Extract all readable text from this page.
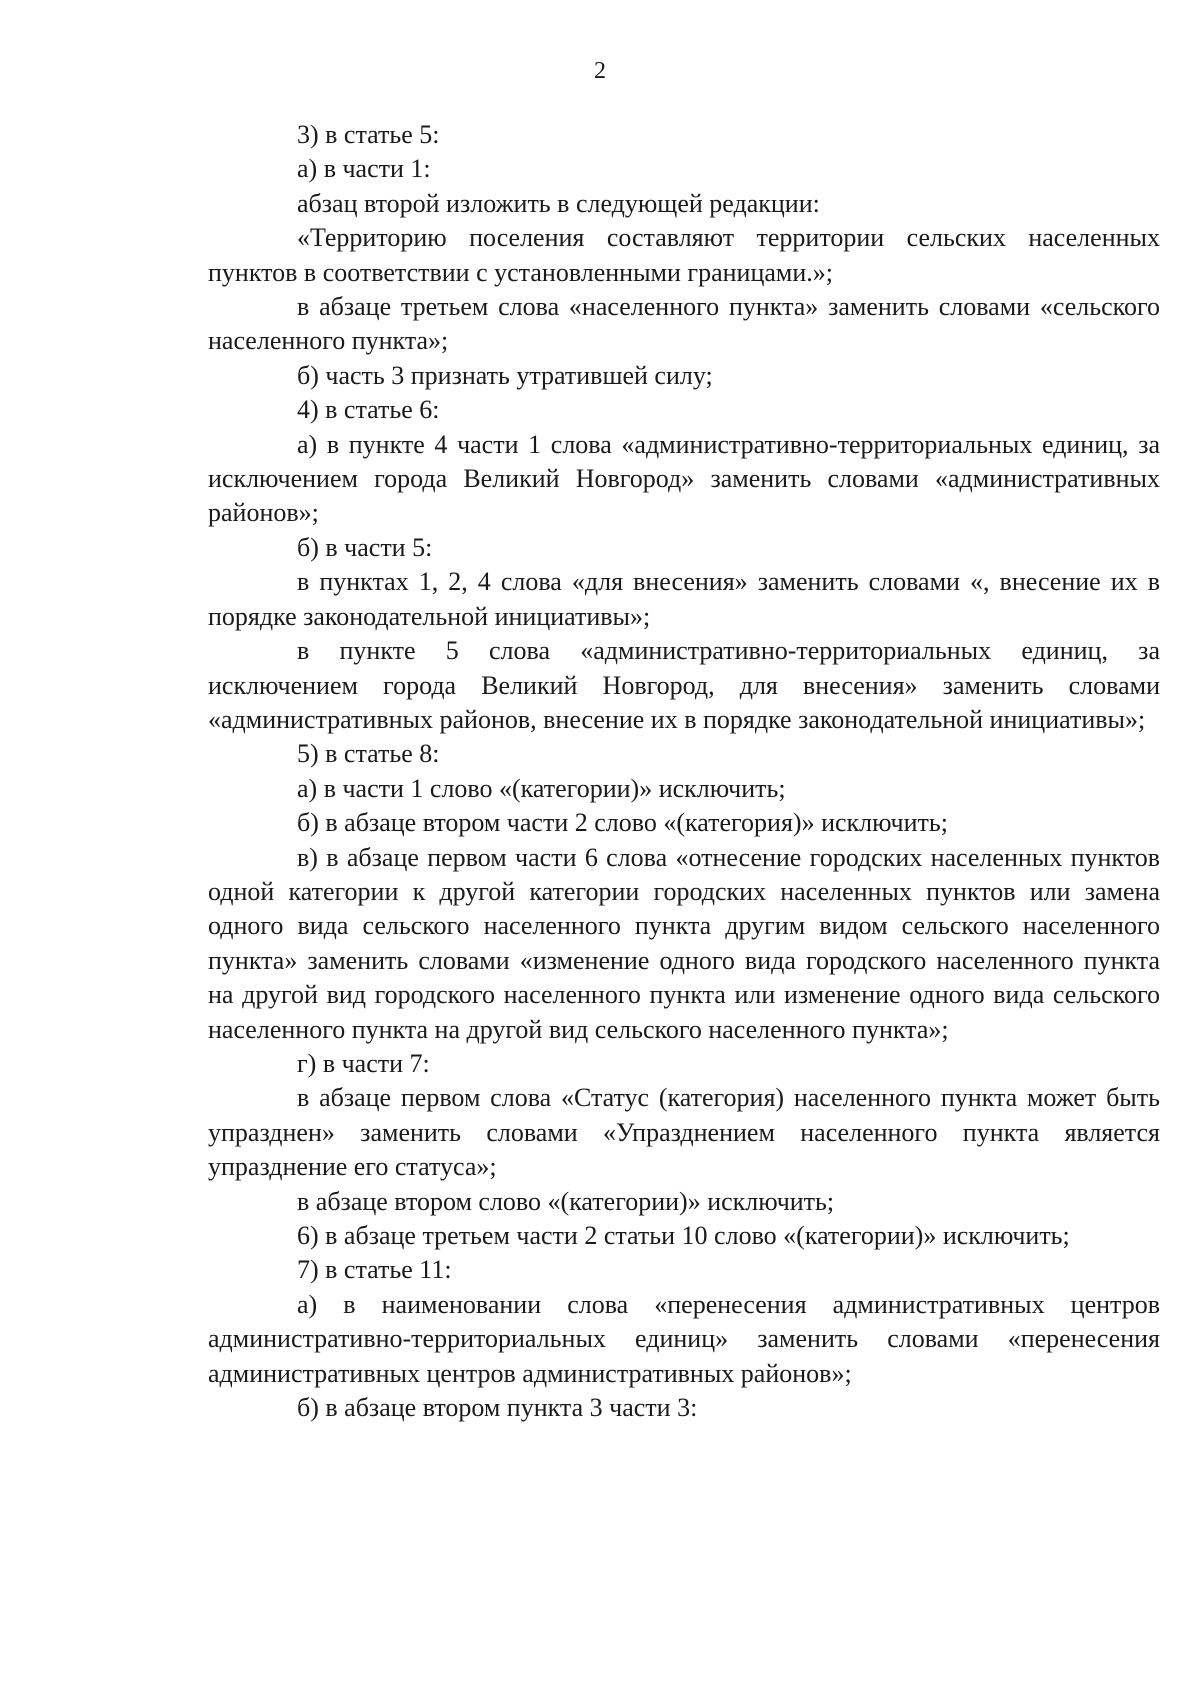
2

3) в статье 5:

а) в части 1:

абзац второй изложить в следующей редакции:

«Территорию поселения составляют территории сельских населенных пунктов в соответствии с установленными границами.»;

в абзаце третьем слова «населенного пункта» заменить словами «сельского населенного пункта»;

б) часть 3 признать утратившей силу;

4) в статье 6:

а) в пункте 4 части 1 слова «административно-территориальных единиц, за исключением города Великий Новгород» заменить словами «административных районов»;

б) в части 5:

в пунктах 1, 2, 4 слова «для внесения» заменить словами «, внесение их в порядке законодательной инициативы»;

в пункте 5 слова «административно-территориальных единиц, за исключением города Великий Новгород, для внесения» заменить словами «административных районов, внесение их в порядке законодательной инициативы»;

5) в статье 8:

а) в части 1 слово «(категории)» исключить;

б) в абзаце втором части 2 слово «(категория)» исключить;

в) в абзаце первом части 6 слова «отнесение городских населенных пунктов одной категории к другой категории городских населенных пунктов или замена одного вида сельского населенного пункта другим видом сельского населенного пункта» заменить словами «изменение одного вида городского населенного пункта на другой вид городского населенного пункта или изменение одного вида сельского населенного пункта на другой вид сельского населенного пункта»;

г) в части 7:

в абзаце первом слова «Статус (категория) населенного пункта может быть упразднен» заменить словами «Упразднением населенного пункта является упразднение его статуса»;

в абзаце втором слово «(категории)» исключить;

6) в абзаце третьем части 2 статьи 10 слово «(категории)» исключить;

7) в статье 11:

а) в наименовании слова «перенесения административных центров административно-территориальных единиц» заменить словами «перенесения административных центров административных районов»;

б) в абзаце втором пункта 3 части 3:
